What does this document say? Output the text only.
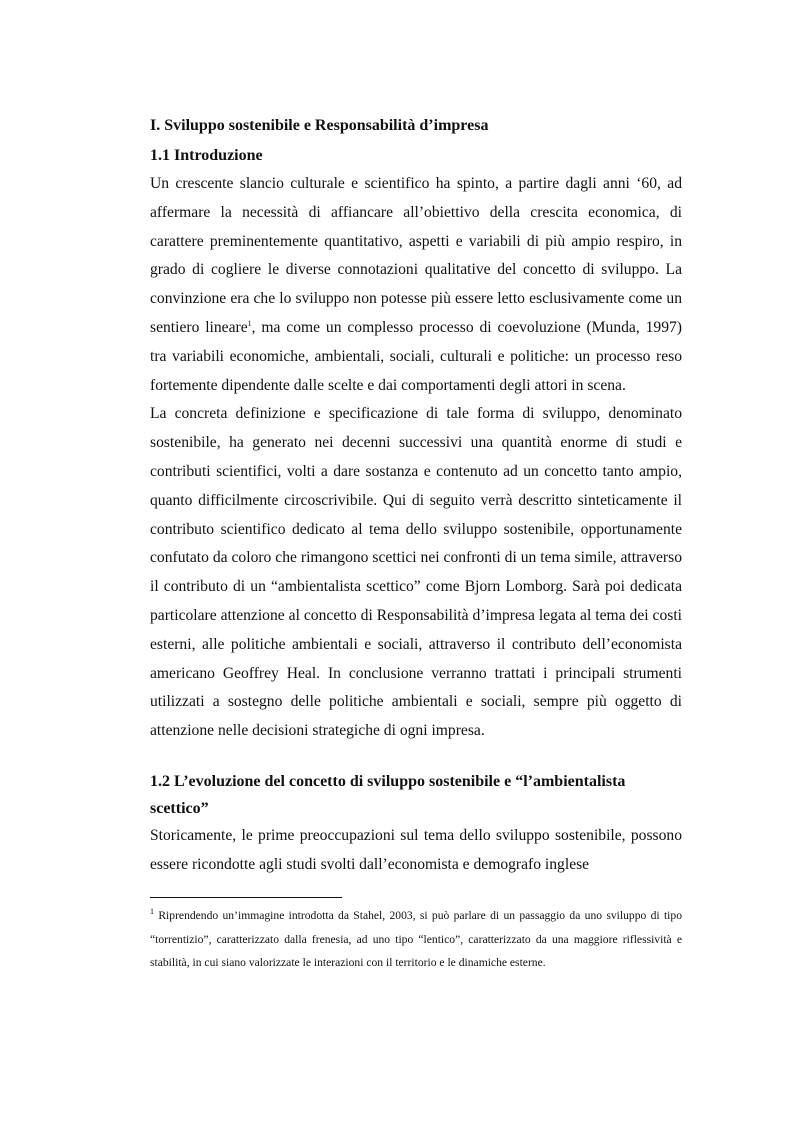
I. Sviluppo sostenibile e Responsabilità d’impresa
1.1 Introduzione

Un crescente slancio culturale e scientifico ha spinto, a partire dagli anni ‘60, ad affermare la necessità di affiancare all’obiettivo della crescita economica, di carattere preminentemente quantitativo, aspetti e variabili di più ampio respiro, in grado di cogliere le diverse connotazioni qualitative del concetto di sviluppo. La convinzione era che lo sviluppo non potesse più essere letto esclusivamente come un sentiero lineare$^1$, ma come un complesso processo di coevoluzione (Munda, 1997) tra variabili economiche, ambientali, sociali, culturali e politiche: un processo reso fortemente dipendente dalle scelte e dai comportamenti degli attori in scena.

La concreta definizione e specificazione di tale forma di sviluppo, denominato sostenibile, ha generato nei decenni successivi una quantità enorme di studi e contributi scientifici, volti a dare sostanza e contenuto ad un concetto tanto ampio, quanto difficilmente circoscrivibile. Qui di seguito verrà descritto sinteticamente il contributo scientifico dedicato al tema dello sviluppo sostenibile, opportunamente confutato da coloro che rimangono scettici nei confronti di un tema simile, attraverso il contributo di un “ambientalista scettico” come Bjorn Lomborg. Sarà poi dedicata particolare attenzione al concetto di Responsabilità d’impresa legata al tema dei costi esterni, alle politiche ambientali e sociali, attraverso il contributo dell’economista americano Geoffrey Heal. In conclusione verranno trattati i principali strumenti utilizzati a sostegno delle politiche ambientali e sociali, sempre più oggetto di attenzione nelle decisioni strategiche di ogni impresa.

1.2 L’evoluzione del concetto di sviluppo sostenibile e “l’ambientalista scettico”

Storicamente, le prime preoccupazioni sul tema dello sviluppo sostenibile, possono essere ricondotte agli studi svolti dall’economista e demografo inglese

$^1$ Riprendendo un’immagine introdotta da Stahel, 2003, si può parlare di un passaggio da uno sviluppo di tipo “torrentizio”, caratterizzato dalla frenesia, ad uno tipo “lentico”, caratterizzato da una maggiore riflessività e stabilità, in cui siano valorizzate le interazioni con il territorio e le dinamiche esterne.
